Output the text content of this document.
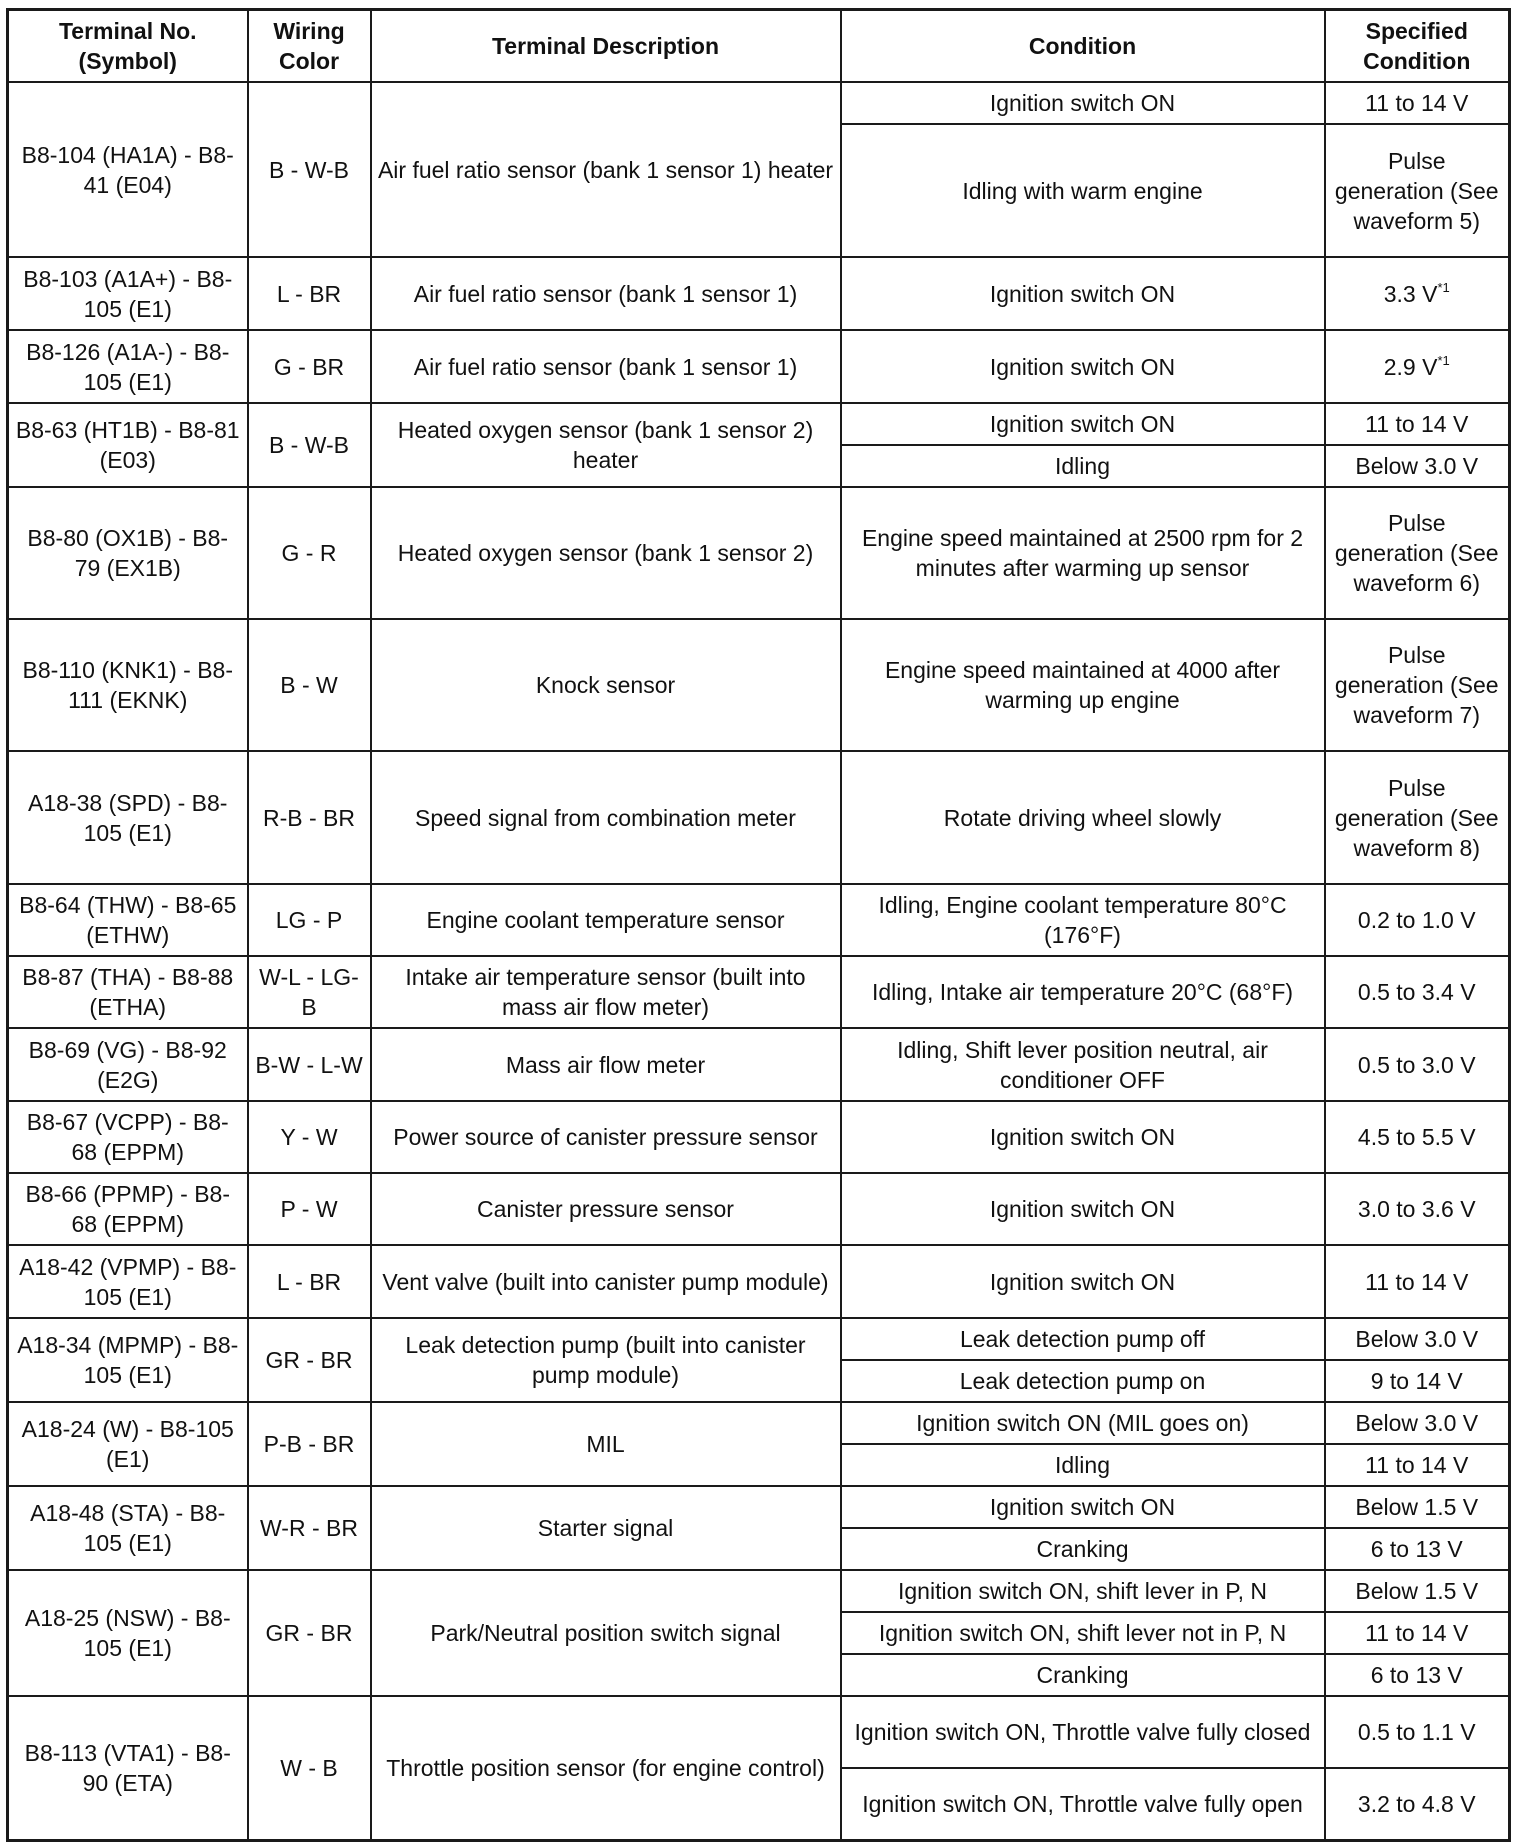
Terminal No. (Symbol)	Wiring Color	Terminal Description	Condition	Specified Condition
B8-104 (HA1A) - B8-41 (E04)	B - W-B	Air fuel ratio sensor (bank 1 sensor 1) heater	Ignition switch ON	11 to 14 V
			Idling with warm engine	Pulse generation (See waveform 5)
B8-103 (A1A+) - B8-105 (E1)	L - BR	Air fuel ratio sensor (bank 1 sensor 1)	Ignition switch ON	3.3 $V^{*1}$
B8-126 (A1A-) - B8-105 (E1)	G - BR	Air fuel ratio sensor (bank 1 sensor 1)	Ignition switch ON	2.9 $V^{*1}$
B8-63 (HT1B) - B8-81 (E03)	B - W-B	Heated oxygen sensor (bank 1 sensor 2) heater	Ignition switch ON	11 to 14 V
			Idling	Below 3.0 V
B8-80 (OX1B) - B8-79 (EX1B)	G - R	Heated oxygen sensor (bank 1 sensor 2)	Engine speed maintained at 2500 rpm for 2 minutes after warming up sensor	Pulse generation (See waveform 6)
B8-110 (KNK1) - B8-111 (EKNK)	B - W	Knock sensor	Engine speed maintained at 4000 after warming up engine	Pulse generation (See waveform 7)
A18-38 (SPD) - B8-105 (E1)	R-B - BR	Speed signal from combination meter	Rotate driving wheel slowly	Pulse generation (See waveform 8)
B8-64 (THW) - B8-65 (ETHW)	LG - P	Engine coolant temperature sensor	Idling, Engine coolant temperature 80°C (176°F)	0.2 to 1.0 V
B8-87 (THA) - B8-88 (ETHA)	W-L - LG-B	Intake air temperature sensor (built into mass air flow meter)	Idling, Intake air temperature 20°C (68°F)	0.5 to 3.4 V
B8-69 (VG) - B8-92 (E2G)	B-W - L-W	Mass air flow meter	Idling, Shift lever position neutral, air conditioner OFF	0.5 to 3.0 V
B8-67 (VCPP) - B8-68 (EPPM)	Y - W	Power source of canister pressure sensor	Ignition switch ON	4.5 to 5.5 V
B8-66 (PPMP) - B8-68 (EPPM)	P - W	Canister pressure sensor	Ignition switch ON	3.0 to 3.6 V
A18-42 (VPMP) - B8-105 (E1)	L - BR	Vent valve (built into canister pump module)	Ignition switch ON	11 to 14 V
A18-34 (MPMP) - B8-105 (E1)	GR - BR	Leak detection pump (built into canister pump module)	Leak detection pump off	Below 3.0 V
			Leak detection pump on	9 to 14 V
A18-24 (W) - B8-105 (E1)	P-B - BR	MIL	Ignition switch ON (MIL goes on)	Below 3.0 V
			Idling	11 to 14 V
A18-48 (STA) - B8-105 (E1)	W-R - BR	Starter signal	Ignition switch ON	Below 1.5 V
			Cranking	6 to 13 V
A18-25 (NSW) - B8-105 (E1)	GR - BR	Park/Neutral position switch signal	Ignition switch ON, shift lever in P, N	Below 1.5 V
			Ignition switch ON, shift lever not in P, N	11 to 14 V
			Cranking	6 to 13 V
B8-113 (VTA1) - B8-90 (ETA)	W - B	Throttle position sensor (for engine control)	Ignition switch ON, Throttle valve fully closed	0.5 to 1.1 V
			Ignition switch ON, Throttle valve fully open	3.2 to 4.8 V
